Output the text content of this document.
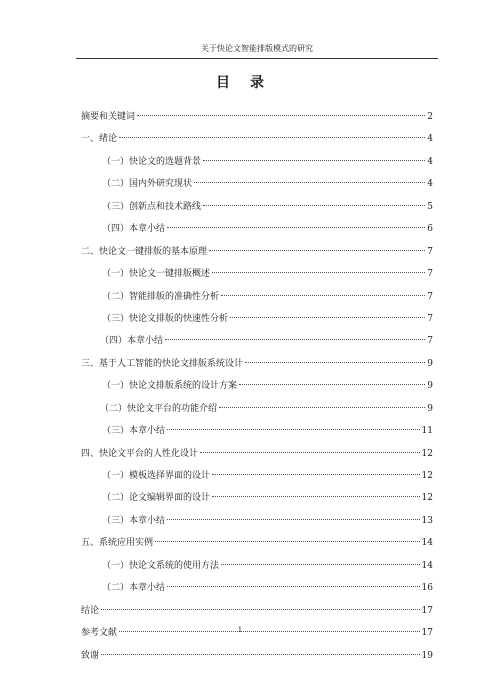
关于快论文智能排版模式的研究
目录
摘要和关键词	2
一、绪论	4
（一）快论文的选题背景	4
（二）国内外研究现状	4
（三）创新点和技术路线	5
（四）本章小结	6
二、快论文一键排版的基本原理	7
（一）快论文一键排版概述	7
（二）智能排版的准确性分析	7
（三）快论文排版的快速性分析	7
（四）本章小结	7
三、基于人工智能的快论文排版系统设计	9
（一）快论文排版系统的设计方案	9
（二）快论文平台的功能介绍	9
（三）本章小结	11
四、快论文平台的人性化设计	12
（一）模板选择界面的设计	12
（二）论文编辑界面的设计	12
（三）本章小结	13
五、系统应用实例	14
（一）快论文系统的使用方法	14
（二）本章小结	16
结论	17
参考文献	17
致谢	19
1
